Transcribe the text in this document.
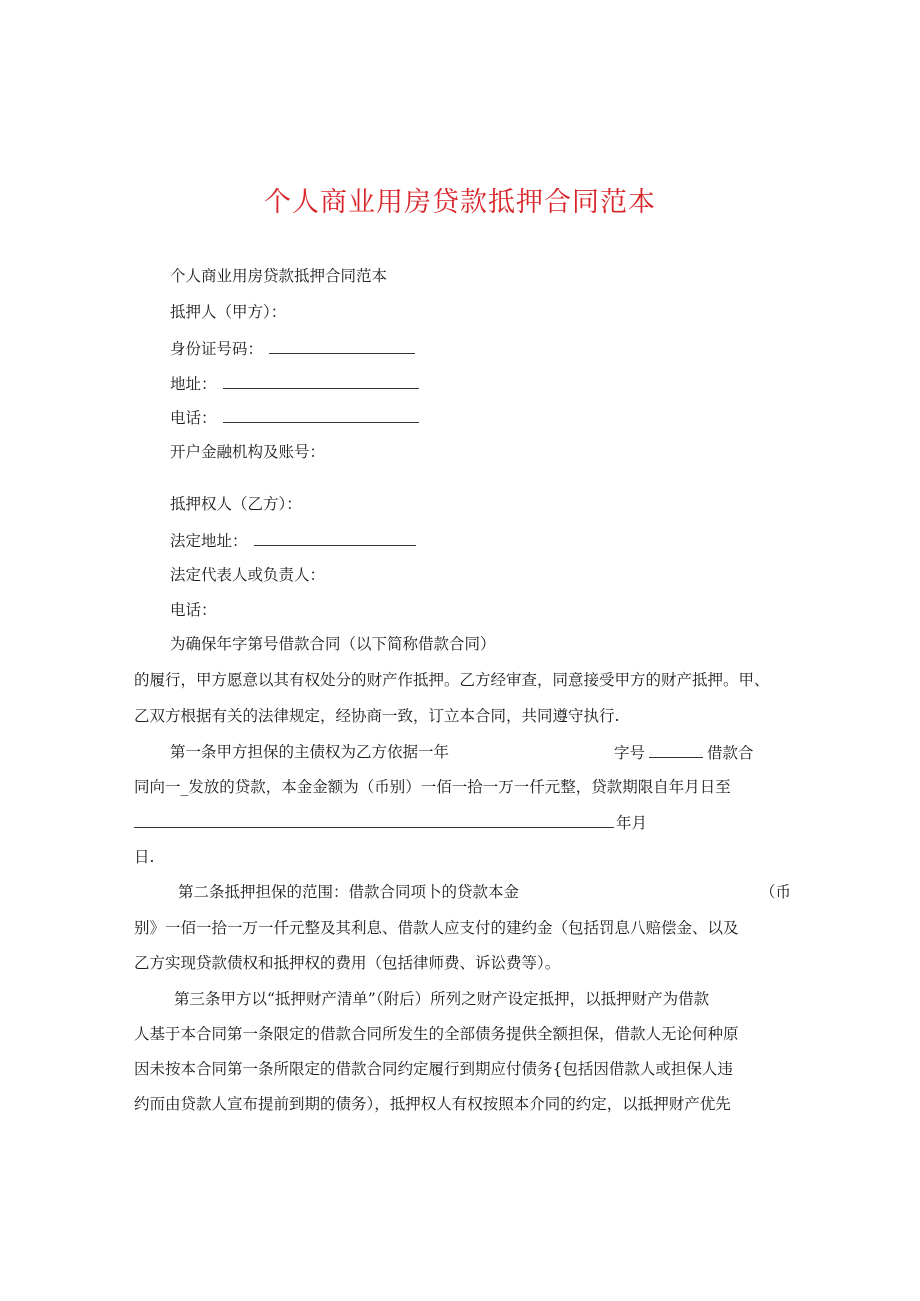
个人商业用房贷款抵押合同范本
个人商业用房贷款抵押合同范本
抵押人（甲方）：
身份证号码：
地址：
电话：
开户金融机构及账号：
抵押权人（乙方）：
法定地址：
法定代表人或负责人：
电话：
为确保年字第号借款合同（以下简称借款合同）
的履行，甲方愿意以其有权处分的财产作抵押。乙方经审查，同意接受甲方的财产抵押。甲、
乙双方根据有关的法律规定，经协商一致，订立本合同，共同遵守执行.
第一条甲方担保的主债权为乙方依据一年	字号	借款合
同向一_发放的贷款，本金金额为（币别）一佰一拾一万一仟元整，贷款期限自年月日至
年月
日.
第二条抵押担保的范围：借款合同项卜的贷款本金	（币
别》一佰一拾一万一仟元整及其利息、借款人应支付的建约金（包括罚息八赔偿金、以及
乙方实现贷款债权和抵押权的费用（包括律师费、诉讼费等）。
第三条甲方以“抵押财产清单”（附后）所列之财产设定抵押，以抵押财产为借款
人基于本合同第一条限定的借款合同所发生的全部债务提供全额担保，借款人无论何种原
因未按本合同第一条所限定的借款合同约定履行到期应付债务{包括因借款人或担保人违
约而由贷款人宣布提前到期的债务），抵押权人有权按照本介同的约定，以抵押财产优先
